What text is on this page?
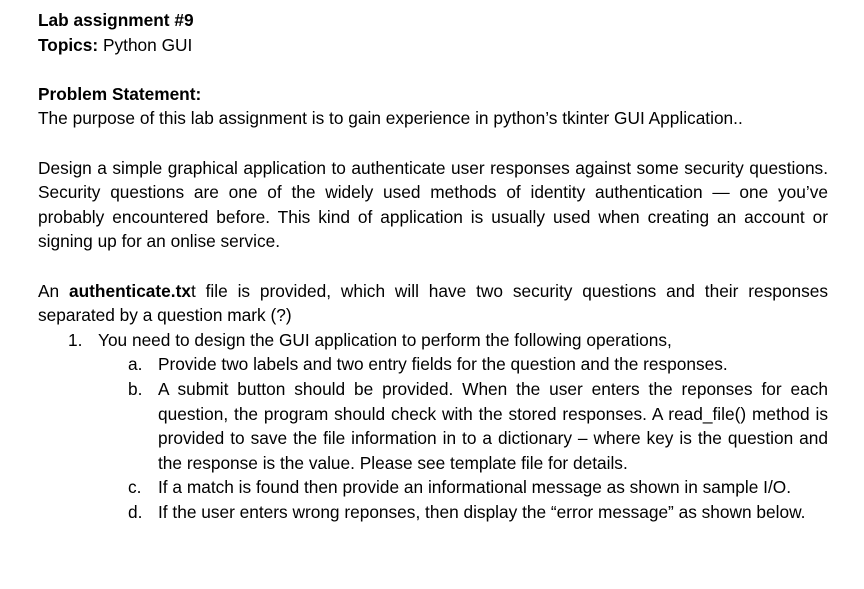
Lab assignment #9

Topics: Python GUI

Problem Statement:

The purpose of this lab assignment is to gain experience in python’s tkinter GUI Application..

Design a simple graphical application to authenticate user responses against some security questions. Security questions are one of the widely used methods of identity authentication — one you’ve probably encountered before. This kind of application is usually used when creating an account or signing up for an onlise service.

An authenticate.txt file is provided, which will have two security questions and their responses separated by a question mark (?)

1. You need to design the GUI application to perform the following operations,
a. Provide two labels and two entry fields for the question and the responses.
b. A submit button should be provided. When the user enters the reponses for each question, the program should check with the stored responses. A read_file() method is provided to save the file information in to a dictionary – where key is the question and the response is the value. Please see template file for details.
c. If a match is found then provide an informational message as shown in sample I/O.
d. If the user enters wrong reponses, then display the “error message” as shown below.
